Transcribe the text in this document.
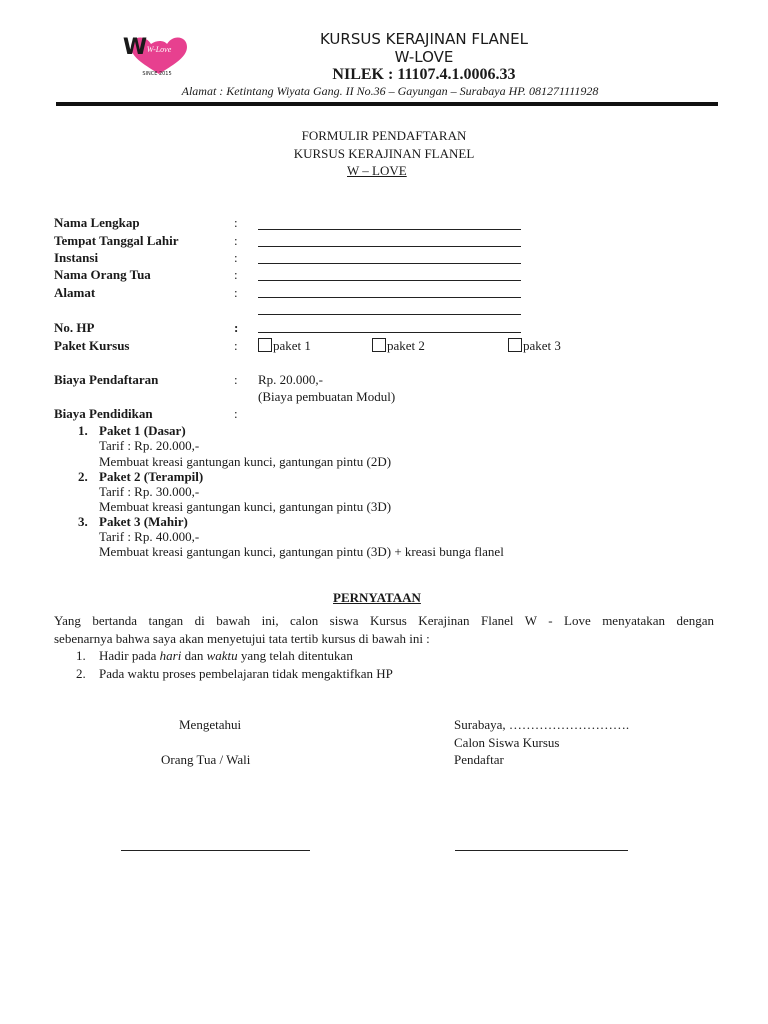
W-Love
W
SINCE 2015
KURSUS KERAJINAN FLANEL
W-LOVE
NILEK : 11107.4.1.0006.33
Alamat : Ketintang Wiyata Gang. II No.36 – Gayungan – Surabaya HP. 081271111928
FORMULIR PENDAFTARAN
KURSUS KERAJINAN FLANEL
W – LOVE
Nama Lengkap	:
Tempat Tanggal Lahir	:
Instansi	:
Nama Orang Tua	:
Alamat	:
No. HP	:
Paket Kursus	:	paket 1	paket 2	paket 3
Biaya Pendaftaran	: Rp. 20.000,-
(Biaya pembuatan Modul)
Biaya Pendidikan	:
1. Paket 1 (Dasar)
Tarif : Rp. 20.000,-
Membuat kreasi gantungan kunci, gantungan pintu (2D)
2. Paket 2 (Terampil)
Tarif : Rp. 30.000,-
Membuat kreasi gantungan kunci, gantungan pintu (3D)
3. Paket 3 (Mahir)
Tarif : Rp. 40.000,-
Membuat kreasi gantungan kunci, gantungan pintu (3D) + kreasi bunga flanel
PERNYATAAN
Yang bertanda tangan di bawah ini, calon siswa Kursus Kerajinan Flanel W - Love menyatakan dengan
sebenarnya bahwa saya akan menyetujui tata tertib kursus di bawah ini :
1. Hadir pada hari dan waktu yang telah ditentukan
2. Pada waktu proses pembelajaran tidak mengaktifkan HP
Mengetahui
Orang Tua / Wali
Surabaya, ……………………….
Calon Siswa Kursus
Pendaftar
